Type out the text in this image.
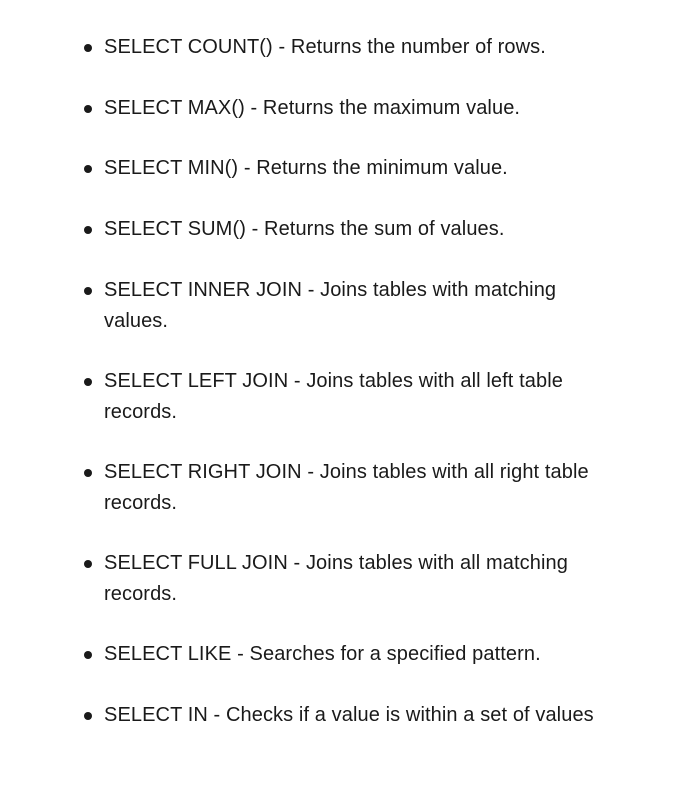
SELECT COUNT() - Returns the number of rows.
SELECT MAX() - Returns the maximum value.
SELECT MIN() - Returns the minimum value.
SELECT SUM() - Returns the sum of values.
SELECT INNER JOIN - Joins tables with matching values.
SELECT LEFT JOIN - Joins tables with all left table records.
SELECT RIGHT JOIN - Joins tables with all right table records.
SELECT FULL JOIN - Joins tables with all matching records.
SELECT LIKE - Searches for a specified pattern.
SELECT IN - Checks if a value is within a set of values
